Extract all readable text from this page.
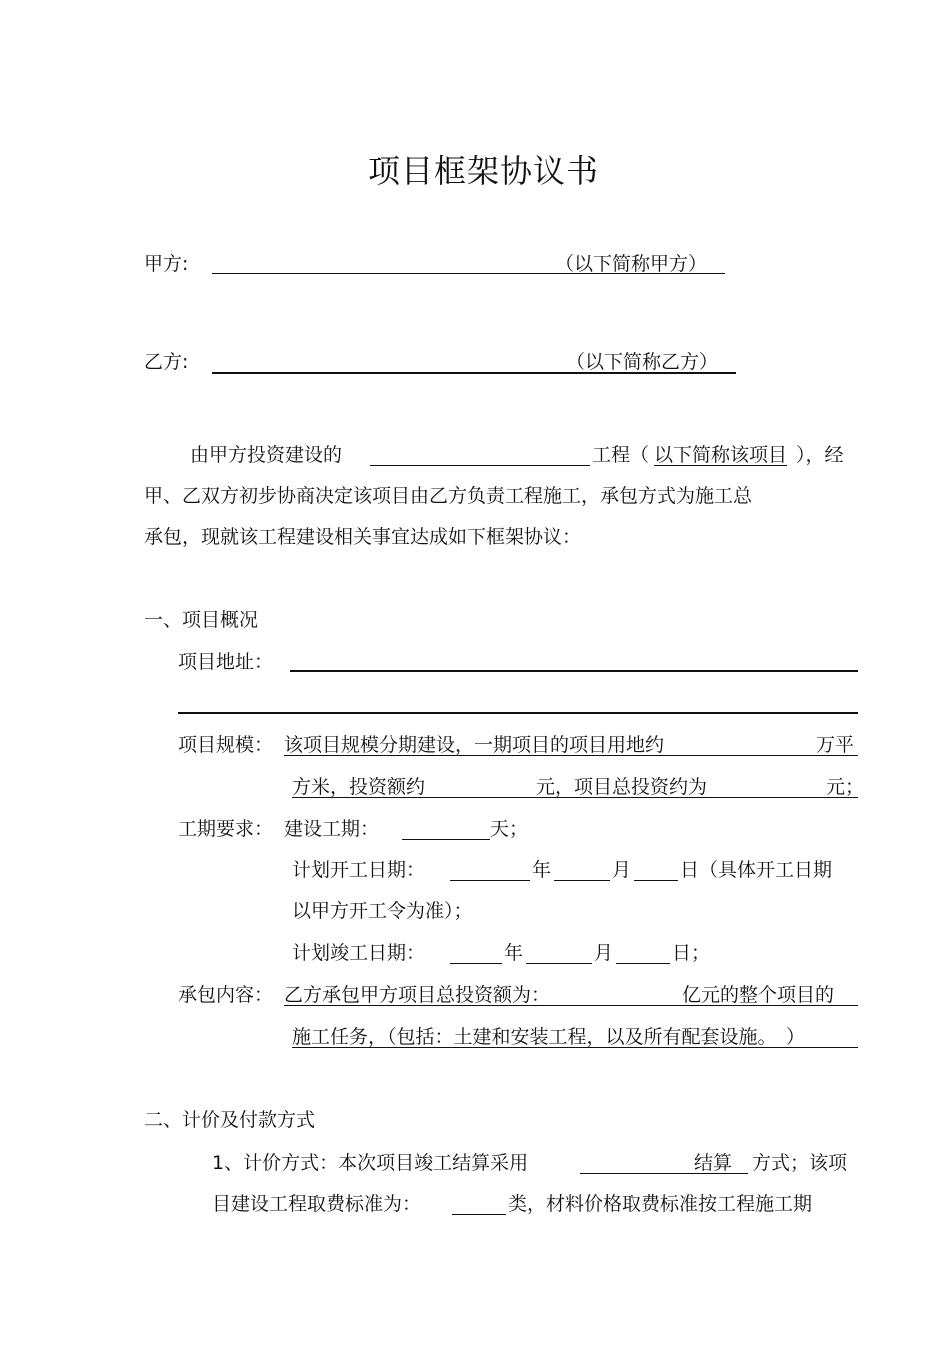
项目框架协议书
甲方:	（以下简称甲方）
乙方:	（以下简称乙方）
由甲方投资建设的	工程（ 以下简称该项目 ），经
甲、乙双方初步协商决定该项目由乙方负责工程施工，承包方式为施工总
承包，现就该工程建设相关事宜达成如下框架协议：
一、项目概况
项目地址：
项目规模： 该项目规模分期建设，一期项目的项目用地约	万平
方米，投资额约	元，项目总投资约为	元；
工期要求： 建设工期：	天；
计划开工日期：	年	月	日（具体开工日期
以甲方开工令为准）；
计划竣工日期：	年	月	日；
承包内容： 乙方承包甲方项目总投资额为：	亿元的整个项目的
施工任务，（包括：土建和安装工程，以及所有配套设施。　）
二、计价及付款方式
1、计价方式：本次项目竣工结算采用	结算 方式；该项
目建设工程取费标准为：	类，材料价格取费标准按工程施工期
